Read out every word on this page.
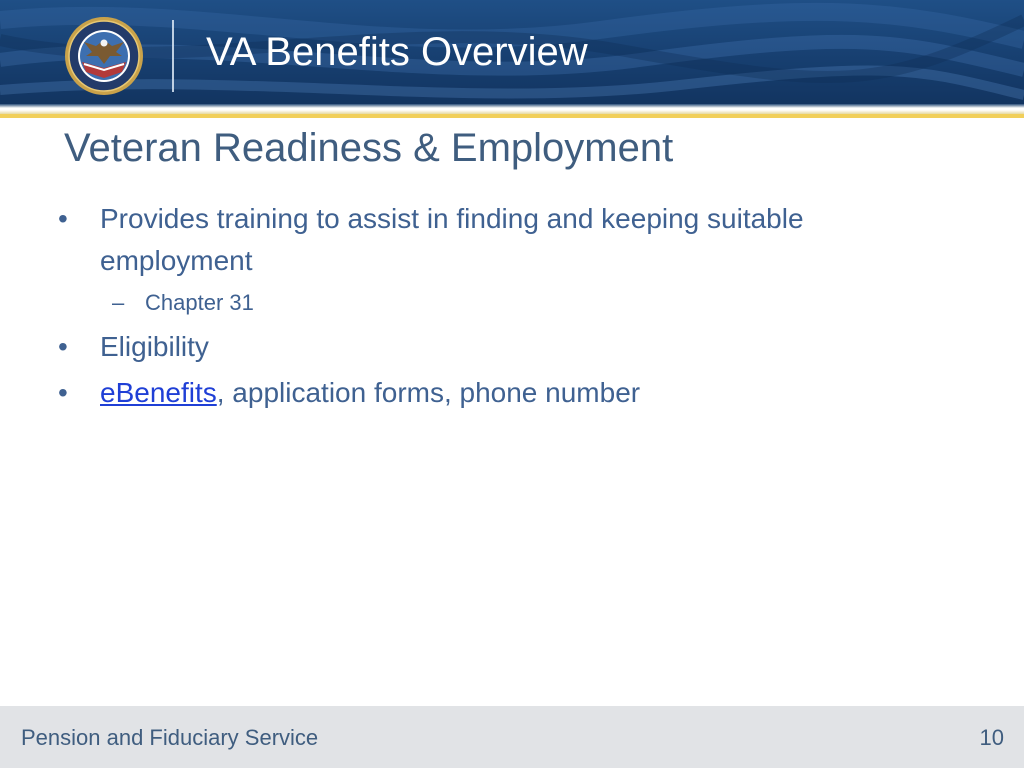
VA Benefits Overview
Veteran Readiness & Employment

• Provides training to assist in finding and keeping suitable employment

– Chapter 31

• Eligibility

• eBenefits, application forms, phone number

Pension and Fiduciary Service	10
